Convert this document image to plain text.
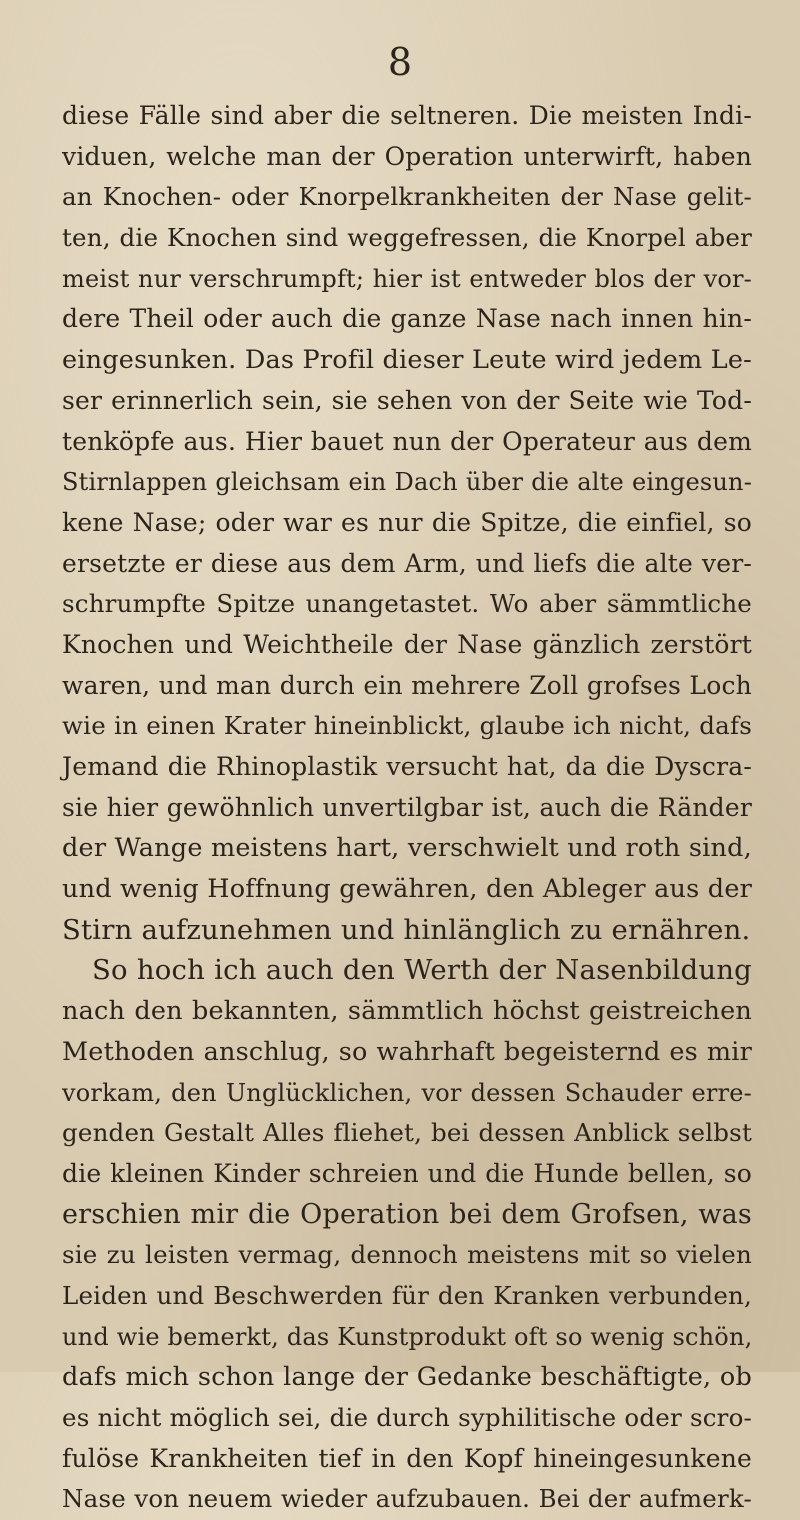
8
diese Fälle sind aber die seltneren. Die meisten Indi-
viduen, welche man der Operation unterwirft, haben
an Knochen- oder Knorpelkrankheiten der Nase gelit-
ten, die Knochen sind weggefressen, die Knorpel aber
meist nur verschrumpft; hier ist entweder blos der vor-
dere Theil oder auch die ganze Nase nach innen hin-
eingesunken. Das Profil dieser Leute wird jedem Le-
ser erinnerlich sein, sie sehen von der Seite wie Tod-
tenköpfe aus. Hier bauet nun der Operateur aus dem
Stirnlappen gleichsam ein Dach über die alte eingesun-
kene Nase; oder war es nur die Spitze, die einfiel, so
ersetzte er diese aus dem Arm, und liefs die alte ver-
schrumpfte Spitze unangetastet. Wo aber sämmtliche
Knochen und Weichtheile der Nase gänzlich zerstört
waren, und man durch ein mehrere Zoll grofses Loch
wie in einen Krater hineinblickt, glaube ich nicht, dafs
Jemand die Rhinoplastik versucht hat, da die Dyscra-
sie hier gewöhnlich unvertilgbar ist, auch die Ränder
der Wange meistens hart, verschwielt und roth sind,
und wenig Hoffnung gewähren, den Ableger aus der
Stirn aufzunehmen und hinlänglich zu ernähren.
So hoch ich auch den Werth der Nasenbildung
nach den bekannten, sämmtlich höchst geistreichen
Methoden anschlug, so wahrhaft begeisternd es mir
vorkam, den Unglücklichen, vor dessen Schauder erre-
genden Gestalt Alles fliehet, bei dessen Anblick selbst
die kleinen Kinder schreien und die Hunde bellen, so
erschien mir die Operation bei dem Grofsen, was
sie zu leisten vermag, dennoch meistens mit so vielen
Leiden und Beschwerden für den Kranken verbunden,
und wie bemerkt, das Kunstprodukt oft so wenig schön,
dafs mich schon lange der Gedanke beschäftigte, ob
es nicht möglich sei, die durch syphilitische oder scro-
fulöse Krankheiten tief in den Kopf hineingesunkene
Nase von neuem wieder aufzubauen. Bei der aufmerk-
